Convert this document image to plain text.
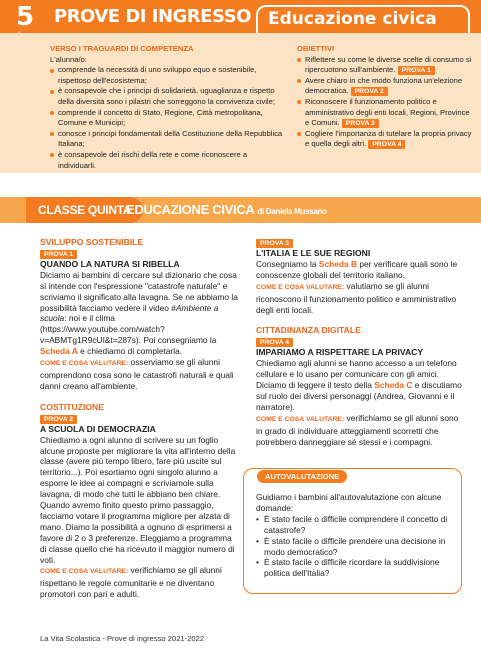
5	PROVE DI INGRESSO	Educazione civica
VERSO I TRAGUARDI DI COMPETENZA
L'alunna/o:
comprende la necessità di uno sviluppo equo e sostenibile, rispettoso dell'ecosistema;
è consapevole che i principi di solidarietà, uguaglianza e rispetto della diversità sono i pilastri che sorreggono la convivenza civile;
comprende il concetto di Stato, Regione, Città metropolitana, Comune e Municipi;
conosce i principi fondamentali della Costituzione della Repubblica Italiana;
è consapevole dei rischi della rete e come riconoscere a individuarli.
OBIETTIVI
Riflettere su come le diverse scelte di consumo si ripercuotono sull'ambiente. PROVA 1
Avere chiaro in che modo funziona un'elezione democratica. PROVA 2
Riconoscere il funzionamento politico e amministrativo degli enti locali, Regioni, Province e Comuni. PROVA 3
Cogliere l'importanza di tutelare la propria privacy e quella degli altri. PROVA 4
CLASSE QUINTA
EDUCAZIONE CIVICA di Daniela Mussano
SVILUPPO SOSTENIBILE
PROVA 1
QUANDO LA NATURA SI RIBELLA
Diciamo ai bambini di cercare sul dizionario che cosa si intende con l'espressione "catastrofe naturale" e scriviamo il significato alla lavagna. Se ne abbiamo la possibilità facciamo vedere il video #Ambiente a scuola: noi e il clima (https://www.youtube.com/watch?v=ABMTg1R9cUI&t=287s). Poi consegniamo la Scheda A e chiediamo di completarla.
COME E COSA VALUTARE: osserviamo se gli alunni comprendono cosa sono le catastrofi naturali e quali danni creano all'ambiente.
COSTITUZIONE
PROVA 2
A SCUOLA DI DEMOCRAZIA
Chiediamo a ogni alunno di scrivere su un foglio alcune proposte per migliorare la vita all'interno della classe (avere più tempo libero, fare più uscite sul territorio...). Poi esortiamo ogni singolo alunno a esporre le idee ai compagni e scriviamole sulla lavagna, di modo che tutti le abbiano ben chiare. Quando avremo finito questo primo passaggio, facciamo votare il programma migliore per alzata di mano. Diamo la possibilità a ognuno di esprimersi a favore di 2 o 3 preferenze. Eleggiamo a programma di classe quello che ha ricevuto il maggior numero di voti.
COME E COSA VALUTARE: verifichiamo se gli alunni rispettano le regole comunitarie e ne diventano promotori con pari e adulti.
PROVA 3
L'ITALIA E LE SUE REGIONI
Consegniamo la Scheda B per verificare quali sono le conoscenze globali del territorio italiano.
COME E COSA VALUTARE: valutiamo se gli alunni riconoscono il funzionamento politico e amministrativo degli enti locali.
CITTADINANZA DIGITALE
PROVA 4
IMPARIAMO A RISPETTARE LA PRIVACY
Chiediamo agli alunni se hanno accesso a un telefono cellulare e lo usano per comunicare con gli amici. Diciamo di leggere il testo della Scheda C e discutiamo sul ruolo dei diversi personaggi (Andrea, Giovanni e il narratore).
COME E COSA VALUTARE: verifichiamo se gli alunni sono in grado di individuare atteggiamenti scorretti che potrebbero danneggiare sé stessi e i compagni.
AUTOVALUTAZIONE
Guidiamo i bambini all'autovalutazione con alcune domande:
• È stato facile o difficile comprendere il concetto di catastrofe?
• È stato facile o difficile prendere una decisione in modo democratico?
• È stato facile o difficile ricordare la suddivisione politica dell'Italia?
La Vita Scolastica - Prove di ingresso 2021-2022
